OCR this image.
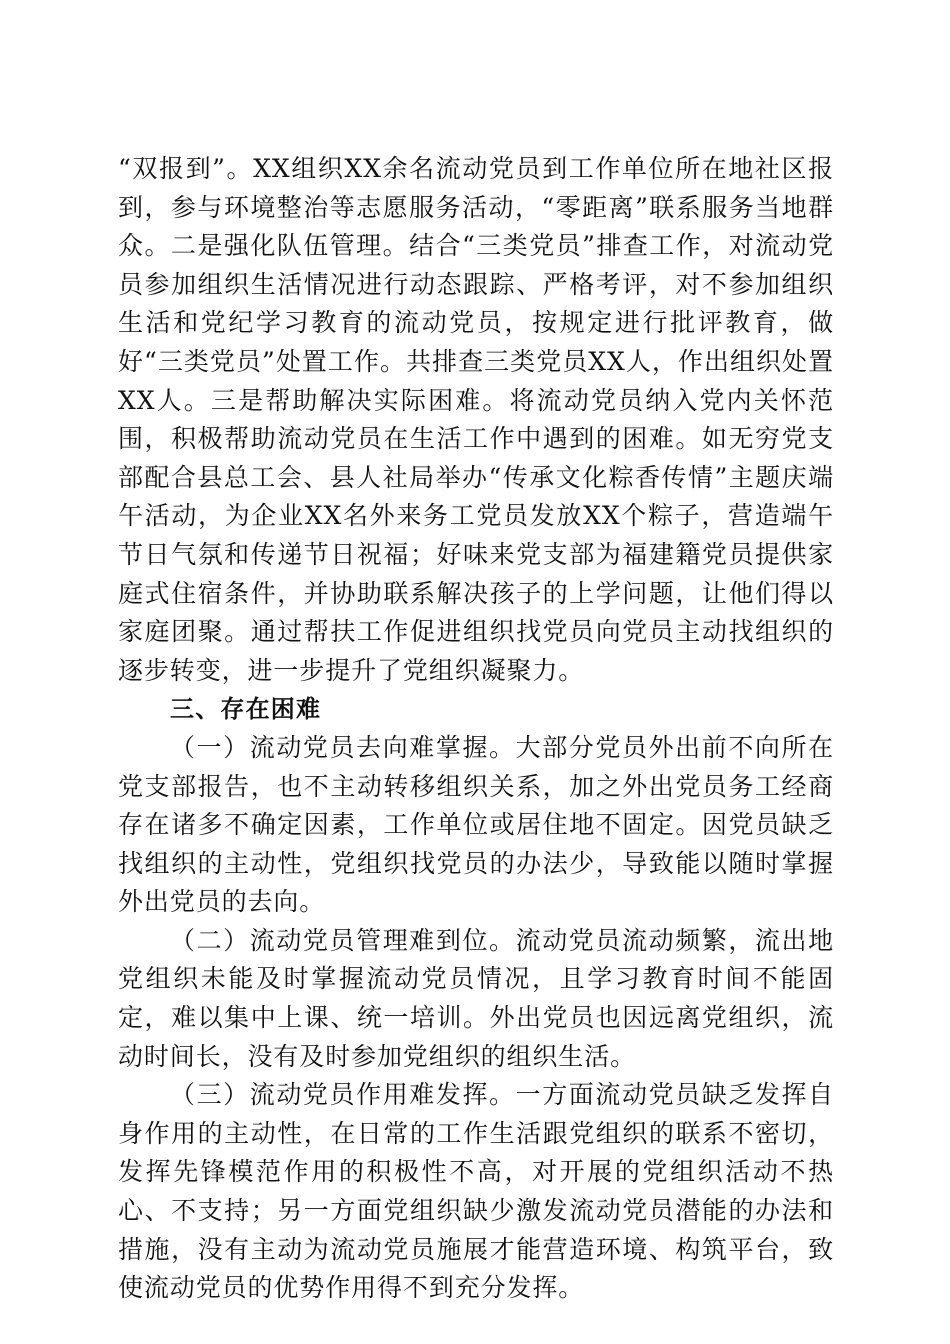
“双报到”。XX组织XX余名流动党员到工作单位所在地社区报到，参与环境整治等志愿服务活动，“零距离”联系服务当地群众。二是强化队伍管理。结合“三类党员”排查工作，对流动党员参加组织生活情况进行动态跟踪、严格考评，对不参加组织生活和党纪学习教育的流动党员，按规定进行批评教育，做好“三类党员”处置工作。共排查三类党员XX人，作出组织处置XX人。三是帮助解决实际困难。将流动党员纳入党内关怀范围，积极帮助流动党员在生活工作中遇到的困难。如无穷党支部配合县总工会、县人社局举办“传承文化粽香传情”主题庆端午活动，为企业XX名外来务工党员发放XX个粽子，营造端午节日气氛和传递节日祝福；好味来党支部为福建籍党员提供家庭式住宿条件，并协助联系解决孩子的上学问题，让他们得以家庭团聚。通过帮扶工作促进组织找党员向党员主动找组织的逐步转变，进一步提升了党组织凝聚力。

三、存在困难

（一）流动党员去向难掌握。大部分党员外出前不向所在党支部报告，也不主动转移组织关系，加之外出党员务工经商存在诸多不确定因素，工作单位或居住地不固定。因党员缺乏找组织的主动性，党组织找党员的办法少，导致能以随时掌握外出党员的去向。

（二）流动党员管理难到位。流动党员流动频繁，流出地党组织未能及时掌握流动党员情况，且学习教育时间不能固定，难以集中上课、统一培训。外出党员也因远离党组织，流动时间长，没有及时参加党组织的组织生活。

（三）流动党员作用难发挥。一方面流动党员缺乏发挥自身作用的主动性，在日常的工作生活跟党组织的联系不密切，发挥先锋模范作用的积极性不高，对开展的党组织活动不热心、不支持；另一方面党组织缺少激发流动党员潜能的办法和措施，没有主动为流动党员施展才能营造环境、构筑平台，致使流动党员的优势作用得不到充分发挥。
